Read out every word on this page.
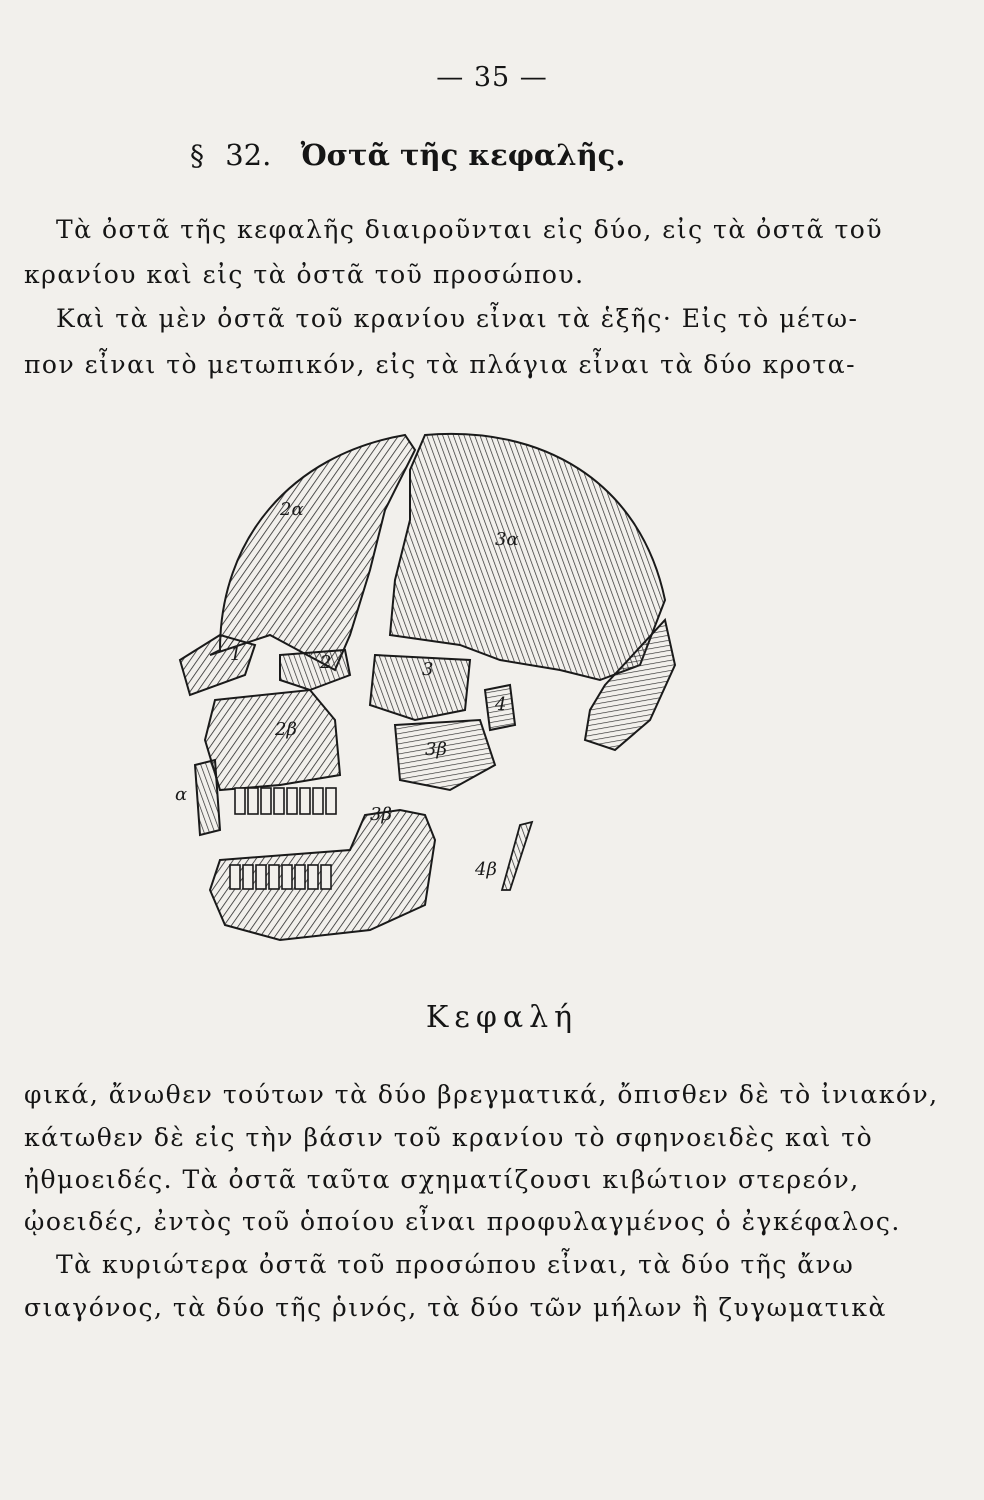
— 35 —
§ 32. Ὀστᾶ τῆς κεφαλῆς.
Τὰ ὀστᾶ τῆς κεφαλῆς διαιροῦνται εἰς δύο, εἰς τὰ ὀστᾶ τοῦ
κρανίου καὶ εἰς τὰ ὀστᾶ τοῦ προσώπου.
Καὶ τὰ μὲν ὀστᾶ τοῦ κρανίου εἶναι τὰ ἑξῆς· Εἰς τὸ μέτω-
πον εἶναι τὸ μετωπικόν, εἰς τὰ πλάγια εἶναι τὰ δύο κροτα-
2α
3α
1	2	3
4
2β
3β
α
3β
4β
Κεφαλή
φικά, ἄνωθεν τούτων τὰ δύο βρεγματικά, ὄπισθεν δὲ τὸ ἰνιακόν,
κάτωθεν δὲ εἰς τὴν βάσιν τοῦ κρανίου τὸ σφηνοειδὲς καὶ τὸ
ἠθμοειδές. Τὰ ὀστᾶ ταῦτα σχηματίζουσι κιβώτιον στερεόν,
ᾠοειδές, ἐντὸς τοῦ ὁποίου εἶναι προφυλαγμένος ὁ ἐγκέφαλος.
Τὰ κυριώτερα ὀστᾶ τοῦ προσώπου εἶναι, τὰ δύο τῆς ἄνω
σιαγόνος, τὰ δύο τῆς ῥινός, τὰ δύο τῶν μήλων ἢ ζυγωματικὰ
